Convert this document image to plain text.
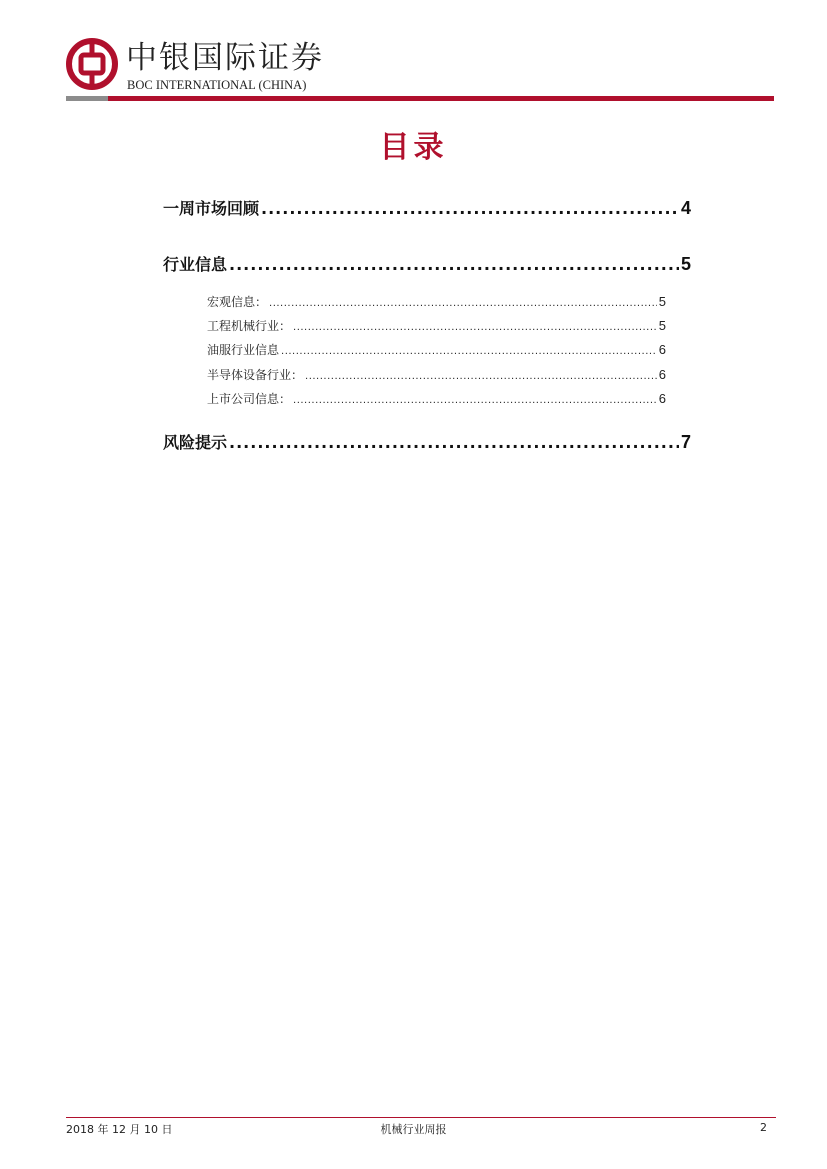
中银国际证券
BOC INTERNATIONAL (CHINA)
目录
一周市场回顾 .....	4
行业信息 .....	5
宏观信息： .....	5
工程机械行业： .....	5
油服行业信息 .....	6
半导体设备行业： .....	6
上市公司信息： .....	6
风险提示 .....	7
2018 年 12 月 10 日	机械行业周报	2
